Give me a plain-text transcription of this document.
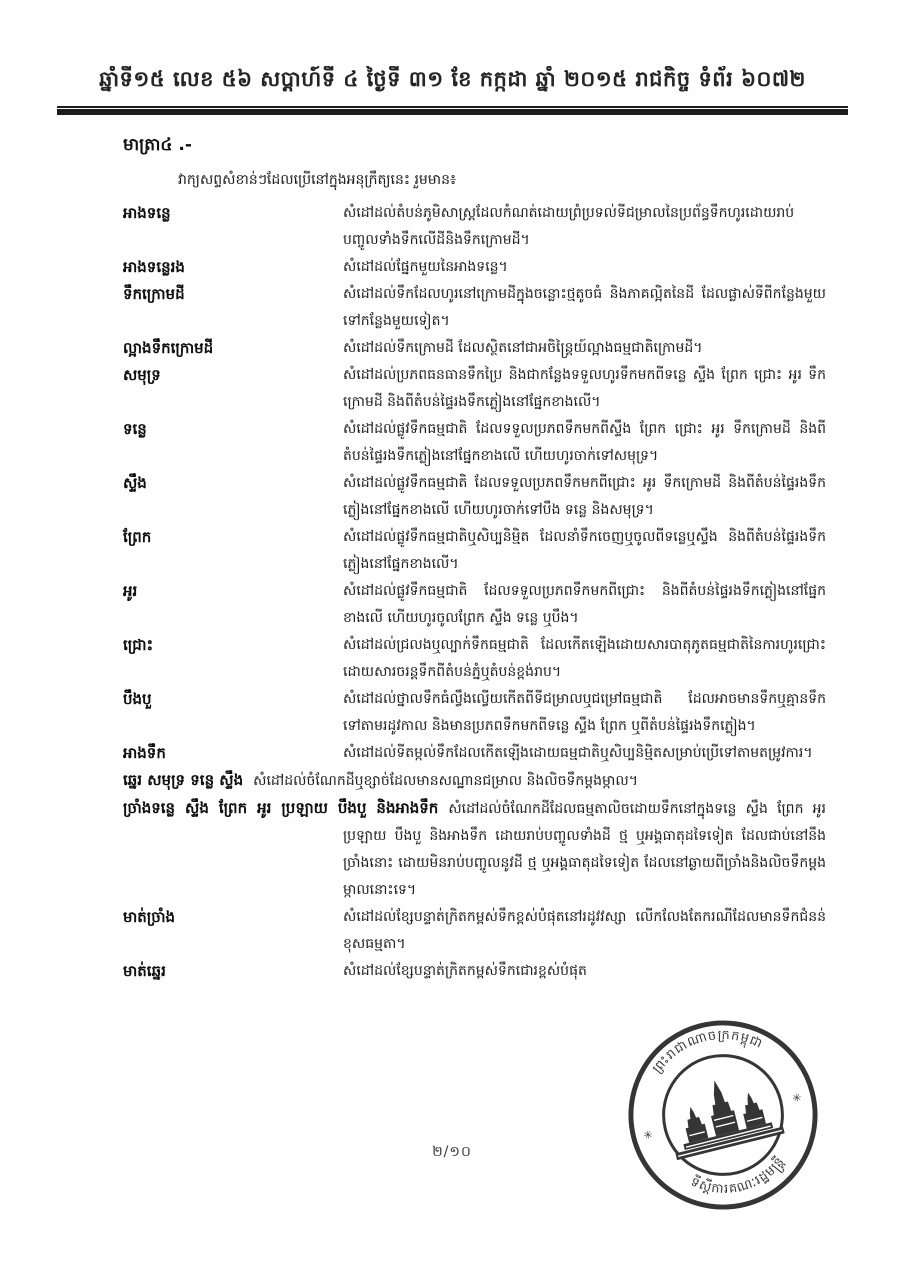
ឆ្នាំទី១៥ លេខ ៥៦ សប្តាហ៍ទី ៤ ថ្ងៃទី ៣១ ខែ កក្កដា ឆ្នាំ ២០១៥ រាជកិច្ច ទំព័រ ៦០៧២

មាត្រា៤ .-

វាក្យសព្ទសំខាន់ៗដែលប្រើនៅក្នុងអនុក្រឹត្យនេះ រួមមាន៖

អាងទន្លេ	សំដៅដល់តំបន់ភូមិសាស្ត្រដែលកំណត់ដោយព្រំប្រទល់ទីជម្រាលនៃប្រព័ន្ធទឹកហូរដោយរាប់បញ្ចូលទាំងទឹកលើដីនិងទឹកក្រោមដី។
អាងទន្លេរង	សំដៅដល់ផ្នែកមួយនៃអាងទន្លេ។
ទឹកក្រោមដី	សំដៅដល់ទឹកដែលហូរនៅក្រោមដីក្នុងចន្លោះថ្មតូចធំ និងភាគល្អិតនៃដី ដែលផ្លាស់ទីពីកន្លែងមួយទៅកន្លែងមួយទៀត។
ល្អាងទឹកក្រោមដី	សំដៅដល់ទឹកក្រោមដី ដែលស្ថិតនៅជាអចិន្ត្រៃយ៍ល្អាងធម្មជាតិក្រោមដី។
សមុទ្រ	សំដៅដល់ប្រភពធនធានទឹកប្រៃ និងជាកន្លែងទទួលហូរទឹកមកពីទន្លេ ស្ទឹង ព្រែក ជ្រោះ អូរ ទឹកក្រោមដី និងពីតំបន់ផ្ទៃរងទឹកភ្លៀងនៅផ្នែកខាងលើ។
ទន្លេ	សំដៅដល់ផ្លូវទឹកធម្មជាតិ ដែលទទួលប្រភពទឹកមកពីស្ទឹង ព្រែក ជ្រោះ អូរ ទឹកក្រោមដី និងពីតំបន់ផ្ទៃរងទឹកភ្លៀងនៅផ្នែកខាងលើ ហើយហូរចាក់ទៅសមុទ្រ។
ស្ទឹង	សំដៅដល់ផ្លូវទឹកធម្មជាតិ ដែលទទួលប្រភពទឹកមកពីជ្រោះ អូរ ទឹកក្រោមដី និងពីតំបន់ផ្ទៃរងទឹកភ្លៀងនៅផ្នែកខាងលើ ហើយហូរចាក់ទៅបឹង ទន្លេ និងសមុទ្រ។
ព្រែក	សំដៅដល់ផ្លូវទឹកធម្មជាតិឬសិប្បនិម្មិត ដែលនាំទឹកចេញឬចូលពីទន្លេឬស្ទឹង និងពីតំបន់ផ្ទៃរងទឹកភ្លៀងនៅផ្នែកខាងលើ។
អូរ	សំដៅដល់ផ្លូវទឹកធម្មជាតិ ដែលទទួលប្រភពទឹកមកពីជ្រោះ និងពីតំបន់ផ្ទៃរងទឹកភ្លៀងនៅផ្នែកខាងលើ ហើយហូរចូលព្រែក ស្ទឹង ទន្លេ ឬបឹង។
ជ្រោះ	សំដៅដល់ជ្រលងឬល្បាក់ទឹកធម្មជាតិ ដែលកើតឡើងដោយសារបាតុភូតធម្មជាតិនៃការហូរជ្រោះដោយសារចរន្តទឹកពីតំបន់ភ្នំឬតំបន់ខ្ពង់រាប។
បឹងបួ	សំដៅដល់ថ្នាលទឹកធំល្វឹងល្វើយកើតពីទីជម្រាលឬជម្រៅធម្មជាតិ ដែលអាចមានទឹកឬគ្មានទឹកទៅតាមរដូវកាល និងមានប្រភពទឹកមកពីទន្លេ ស្ទឹង ព្រែក ឬពីតំបន់ផ្ទៃរងទឹកភ្លៀង។
អាងទឹក	សំដៅដល់ទីតម្កល់ទឹកដែលកើតឡើងដោយធម្មជាតិឬសិប្បនិម្មិតសម្រាប់ប្រើទៅតាមតម្រូវការ។

ឆ្នេរ សមុទ្រ ទន្លេ ស្ទឹង សំដៅដល់ចំណែកដីឬខ្សាច់ដែលមានសណ្ឋានជម្រាល និងលិចទឹកម្តងម្កាល។

ច្រាំងទន្លេ ស្ទឹង ព្រែក អូរ ប្រឡាយ បឹងបួ និងអាងទឹក សំដៅដល់ចំណែកដីដែលធម្មតាលិចដោយទឹកនៅក្នុងទន្លេ ស្ទឹង ព្រែក អូរ ប្រឡាយ បឹងបួ និងអាងទឹក ដោយរាប់បញ្ចូលទាំងដី ថ្ម ឬអង្គធាតុដទៃទៀត ដែលជាប់នៅនឹងច្រាំងនោះ ដោយមិនរាប់បញ្ចូលនូវដី ថ្ម ឬអង្គធាតុដទៃទៀត ដែលនៅឆ្ងាយពីច្រាំងនិងលិចទឹកម្តងម្កាលនោះទេ។

មាត់ច្រាំង	សំដៅដល់ខ្សែបន្ទាត់ក្រិតកម្ពស់ទឹកខ្ពស់បំផុតនៅរដូវវស្សា លើកលែងតែករណីដែលមានទឹកជំនន់ខុសធម្មតា។
មាត់ឆ្នេរ	សំដៅដល់ខ្សែបន្ទាត់ក្រិតកម្ពស់ទឹកជោរខ្ពស់បំផុត
២/១០
ព្រះរាជាណាចក្រកម្ពុជា
ទីស្តីការគណៈរដ្ឋមន្ត្រី
✳
✳
